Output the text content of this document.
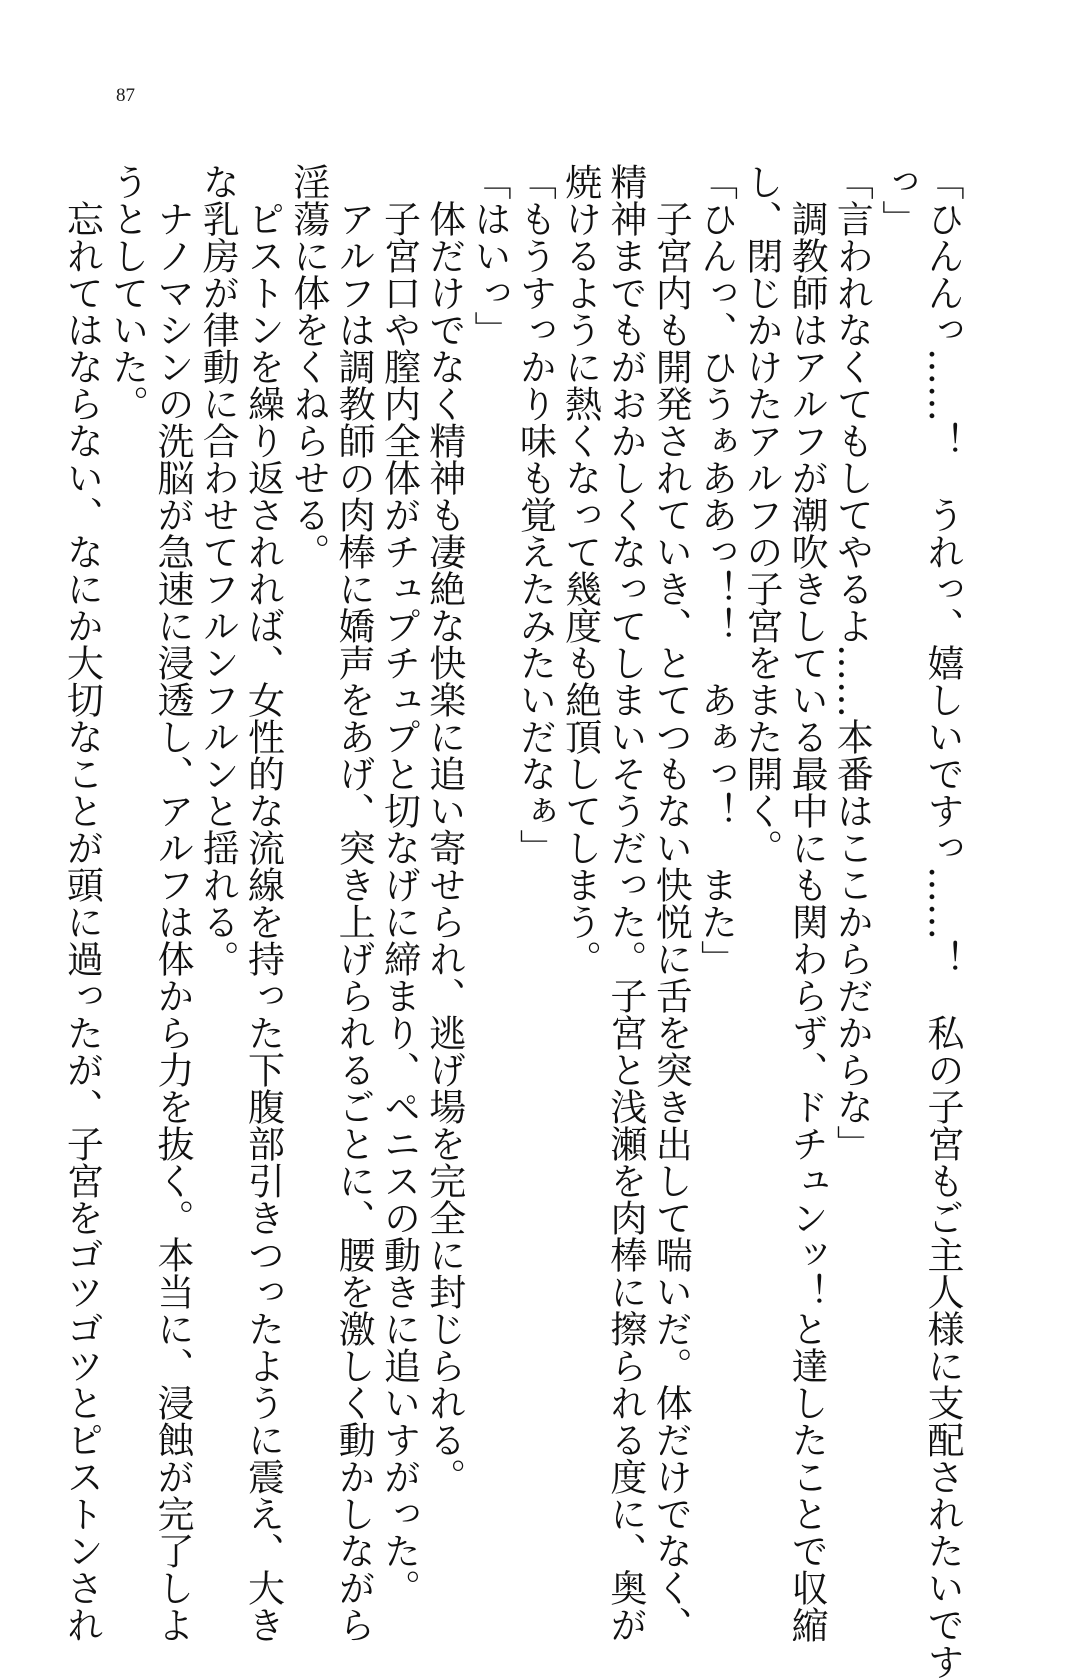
87
「ひんんっ……！　うれっ、嬉しいですっ……！　私の子宮もご主人様に支配されたいです
っ」
「言われなくてもしてやるよ……本番はここからだからな」
　調教師はアルフが潮吹きしている最中にも関わらず、ドチュンッ！と達したことで収縮
し、閉じかけたアルフの子宮をまた開く。
「ひんっ、ひうぁああっ！！　あぁっ！　また」
　子宮内も開発されていき、とてつもない快悦に舌を突き出して喘いだ。体だけでなく、
精神までもがおかしくなってしまいそうだった。子宮と浅瀬を肉棒に擦られる度に、奥が
焼けるように熱くなって幾度も絶頂してしまう。
「もうすっかり味も覚えたみたいだなぁ」
「はいっ」
　体だけでなく精神も凄絶な快楽に追い寄せられ、逃げ場を完全に封じられる。
　子宮口や膣内全体がチュプチュプと切なげに締まり、ペニスの動きに追いすがった。
　アルフは調教師の肉棒に嬌声をあげ、突き上げられるごとに、腰を激しく動かしながら
淫蕩に体をくねらせる。
　ピストンを繰り返されれば、女性的な流線を持った下腹部引きつったように震え、大き
な乳房が律動に合わせてフルンフルンと揺れる。
　ナノマシンの洗脳が急速に浸透し、アルフは体から力を抜く。本当に、浸蝕が完了しよ
うとしていた。
　忘れてはならない、なにか大切なことが頭に過ったが、子宮をゴツゴツとピストンされ
